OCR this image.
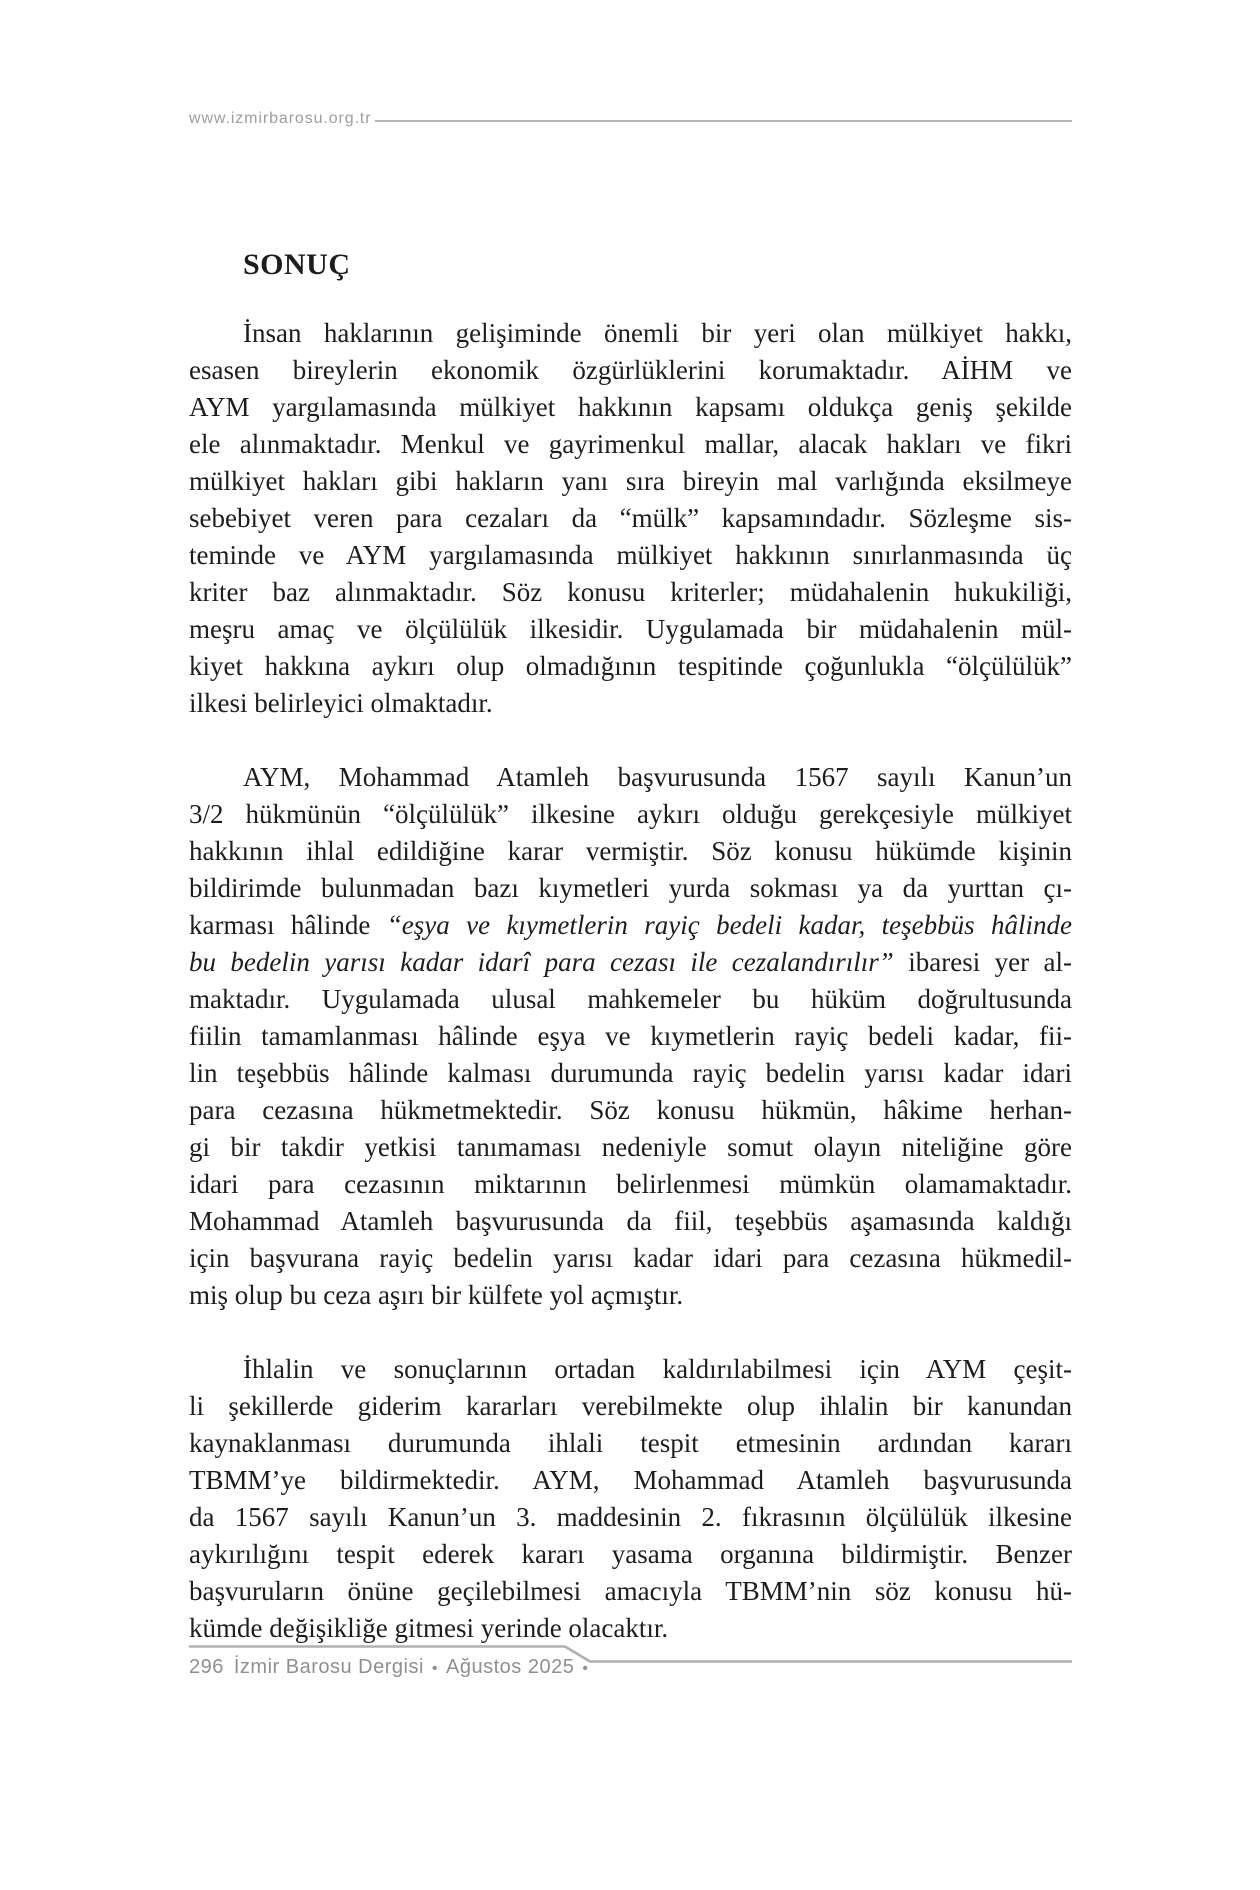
www.izmirbarosu.org.tr
SONUÇ
İnsan haklarının gelişiminde önemli bir yeri olan mülkiyet hakkı,
esasen bireylerin ekonomik özgürlüklerini korumaktadır. AİHM ve
AYM yargılamasında mülkiyet hakkının kapsamı oldukça geniş şekilde
ele alınmaktadır. Menkul ve gayrimenkul mallar, alacak hakları ve fikri
mülkiyet hakları gibi hakların yanı sıra bireyin mal varlığında eksilmeye
sebebiyet veren para cezaları da “mülk” kapsamındadır. Sözleşme sis-
teminde ve AYM yargılamasında mülkiyet hakkının sınırlanmasında üç
kriter baz alınmaktadır. Söz konusu kriterler; müdahalenin hukukiliği,
meşru amaç ve ölçülülük ilkesidir. Uygulamada bir müdahalenin mül-
kiyet hakkına aykırı olup olmadığının tespitinde çoğunlukla “ölçülülük”
ilkesi belirleyici olmaktadır.
AYM, Mohammad Atamleh başvurusunda 1567 sayılı Kanun’un
3/2 hükmünün “ölçülülük” ilkesine aykırı olduğu gerekçesiyle mülkiyet
hakkının ihlal edildiğine karar vermiştir. Söz konusu hükümde kişinin
bildirimde bulunmadan bazı kıymetleri yurda sokması ya da yurttan çı-
karması hâlinde “eşya ve kıymetlerin rayiç bedeli kadar, teşebbüs hâlinde
bu bedelin yarısı kadar idarî para cezası ile cezalandırılır” ibaresi yer al-
maktadır. Uygulamada ulusal mahkemeler bu hüküm doğrultusunda
fiilin tamamlanması hâlinde eşya ve kıymetlerin rayiç bedeli kadar, fii-
lin teşebbüs hâlinde kalması durumunda rayiç bedelin yarısı kadar idari
para cezasına hükmetmektedir. Söz konusu hükmün, hâkime herhan-
gi bir takdir yetkisi tanımaması nedeniyle somut olayın niteliğine göre
idari para cezasının miktarının belirlenmesi mümkün olamamaktadır.
Mohammad Atamleh başvurusunda da fiil, teşebbüs aşamasında kaldığı
için başvurana rayiç bedelin yarısı kadar idari para cezasına hükmedil-
miş olup bu ceza aşırı bir külfete yol açmıştır.
İhlalin ve sonuçlarının ortadan kaldırılabilmesi için AYM çeşit-
li şekillerde giderim kararları verebilmekte olup ihlalin bir kanundan
kaynaklanması durumunda ihlali tespit etmesinin ardından kararı
TBMM’ye bildirmektedir. AYM, Mohammad Atamleh başvurusunda
da 1567 sayılı Kanun’un 3. maddesinin 2. fıkrasının ölçülülük ilkesine
aykırılığını tespit ederek kararı yasama organına bildirmiştir. Benzer
başvuruların önüne geçilebilmesi amacıyla TBMM’nin söz konusu hü-
kümde değişikliğe gitmesi yerinde olacaktır.
296 İzmir Barosu Dergisi • Ağustos 2025 •
